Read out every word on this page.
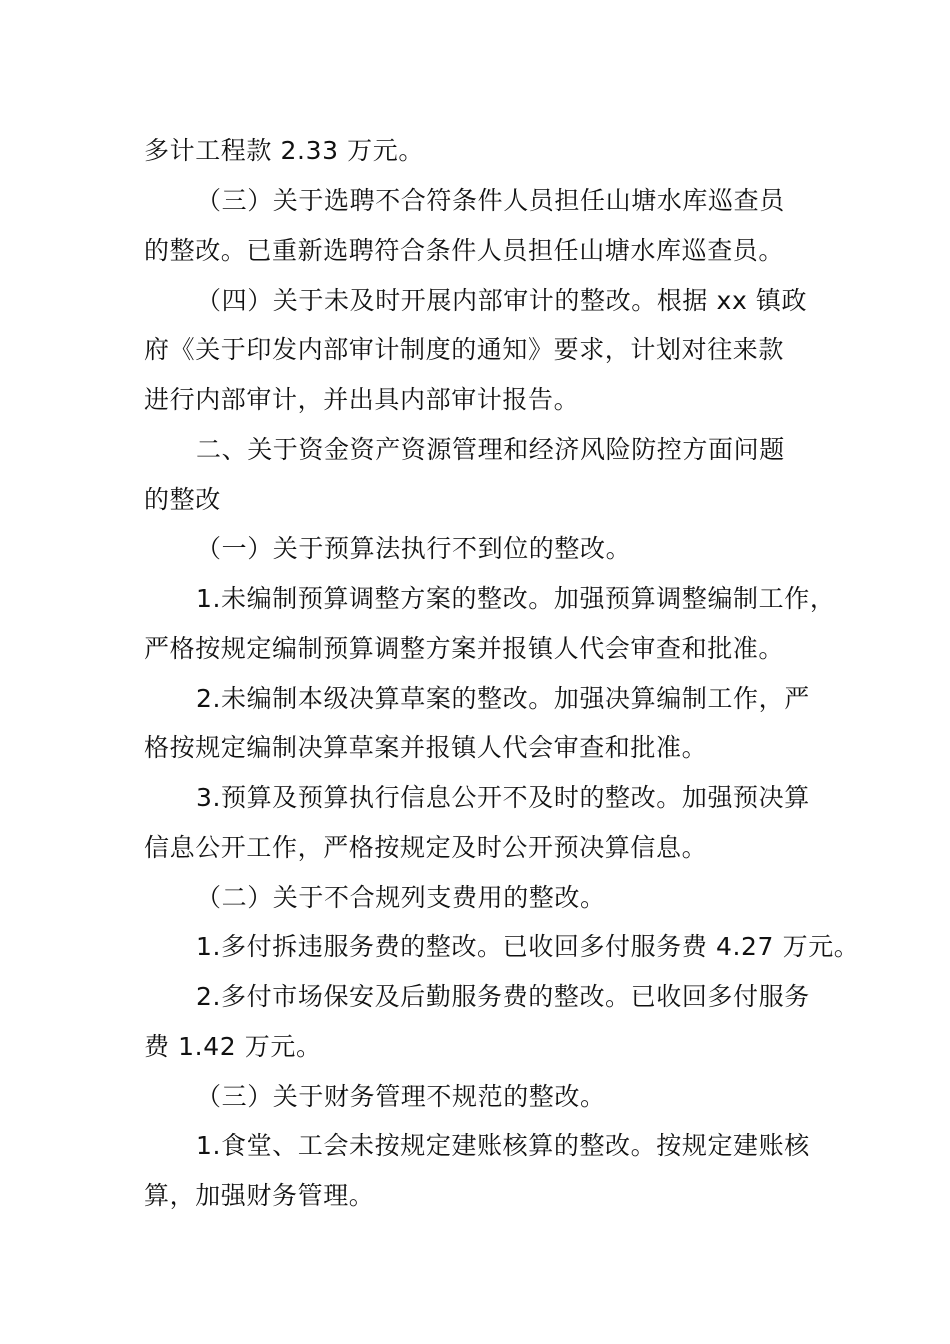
多计工程款 2.33 万元。
（三）关于选聘不合符条件人员担任山塘水库巡查员
的整改。已重新选聘符合条件人员担任山塘水库巡查员。
（四）关于未及时开展内部审计的整改。根据 xx 镇政
府《关于印发内部审计制度的通知》要求，计划对往来款
进行内部审计，并出具内部审计报告。
二、关于资金资产资源管理和经济风险防控方面问题
的整改
（一）关于预算法执行不到位的整改。
1.未编制预算调整方案的整改。加强预算调整编制工作，
严格按规定编制预算调整方案并报镇人代会审查和批准。
2.未编制本级决算草案的整改。加强决算编制工作，严
格按规定编制决算草案并报镇人代会审查和批准。
3.预算及预算执行信息公开不及时的整改。加强预决算
信息公开工作，严格按规定及时公开预决算信息。
（二）关于不合规列支费用的整改。
1.多付拆违服务费的整改。已收回多付服务费 4.27 万元。
2.多付市场保安及后勤服务费的整改。已收回多付服务
费 1.42 万元。
（三）关于财务管理不规范的整改。
1.食堂、工会未按规定建账核算的整改。按规定建账核
算，加强财务管理。
